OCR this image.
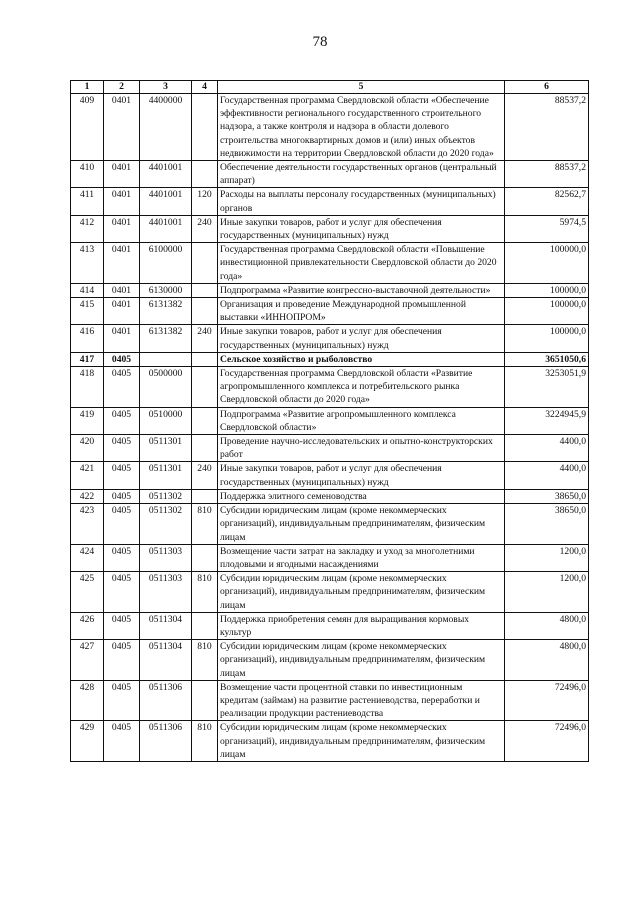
78
1	2	3	4	5	6
409	0401	4400000		Государственная программа Свердловской области «Обеспечение эффективности регионального государственного строительного надзора, а также контроля и надзора в области долевого строительства многоквартирных домов и (или) иных объектов недвижимости на территории Свердловской области до 2020 года»	88537,2
410	0401	4401001		Обеспечение деятельности государственных органов (центральный аппарат)	88537,2
411	0401	4401001	120	Расходы на выплаты персоналу государственных (муниципальных) органов	82562,7
412	0401	4401001	240	Иные закупки товаров, работ и услуг для обеспечения государственных (муниципальных) нужд	5974,5
413	0401	6100000		Государственная программа Свердловской области «Повышение инвестиционной привлекательности Свердловской области до 2020 года»	100000,0
414	0401	6130000		Подпрограмма «Развитие конгрессно-выставочной деятельности»	100000,0
415	0401	6131382		Организация и проведение Международной промышленной выставки «ИННОПРОМ»	100000,0
416	0401	6131382	240	Иные закупки товаров, работ и услуг для обеспечения государственных (муниципальных) нужд	100000,0
417	0405			Сельское хозяйство и рыболовство	3651050,6
418	0405	0500000		Государственная программа Свердловской области «Развитие агропромышленного комплекса и потребительского рынка Свердловской области до 2020 года»	3253051,9
419	0405	0510000		Подпрограмма «Развитие агропромышленного комплекса Свердловской области»	3224945,9
420	0405	0511301		Проведение научно-исследовательских и опытно-конструкторских работ	4400,0
421	0405	0511301	240	Иные закупки товаров, работ и услуг для обеспечения государственных (муниципальных) нужд	4400,0
422	0405	0511302		Поддержка элитного семеноводства	38650,0
423	0405	0511302	810	Субсидии юридическим лицам (кроме некоммерческих организаций), индивидуальным предпринимателям, физическим лицам	38650,0
424	0405	0511303		Возмещение части затрат на закладку и уход за многолетними плодовыми и ягодными насаждениями	1200,0
425	0405	0511303	810	Субсидии юридическим лицам (кроме некоммерческих организаций), индивидуальным предпринимателям, физическим лицам	1200,0
426	0405	0511304		Поддержка приобретения семян для выращивания кормовых культур	4800,0
427	0405	0511304	810	Субсидии юридическим лицам (кроме некоммерческих организаций), индивидуальным предпринимателям, физическим лицам	4800,0
428	0405	0511306		Возмещение части процентной ставки по инвестиционным кредитам (займам) на развитие растениеводства, переработки и реализации продукции растениеводства	72496,0
429	0405	0511306	810	Субсидии юридическим лицам (кроме некоммерческих организаций), индивидуальным предпринимателям, физическим лицам	72496,0
